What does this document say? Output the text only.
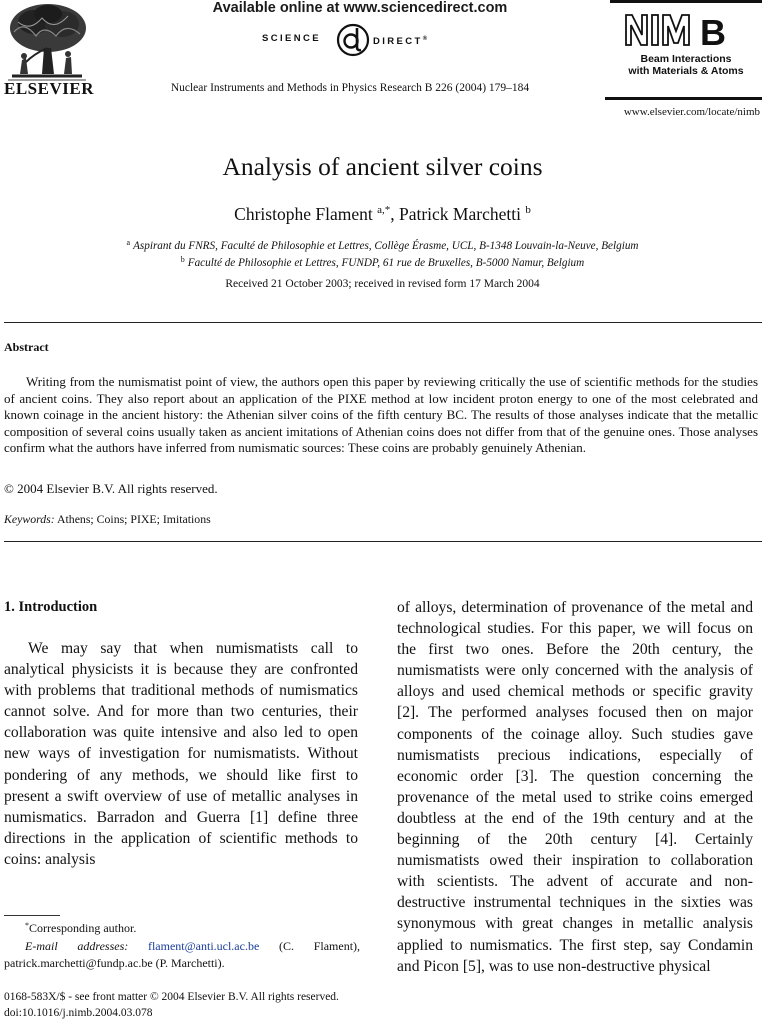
ELSEVIER
Available online at www.sciencedirect.com
SCIENCE	DIRECT®
Nuclear Instruments and Methods in Physics Research B 226 (2004) 179–184
B
Beam Interactions
with Materials & Atoms
www.elsevier.com/locate/nimb
Analysis of ancient silver coins
Christophe Flament $^{a,*}$, Patrick Marchetti $^b$
$^a$ Aspirant du FNRS, Faculté de Philosophie et Lettres, Collège Érasme, UCL, B-1348 Louvain-la-Neuve, Belgium
$^b$ Faculté de Philosophie et Lettres, FUNDP, 61 rue de Bruxelles, B-5000 Namur, Belgium
Received 21 October 2003; received in revised form 17 March 2004
Abstract
Writing from the numismatist point of view, the authors open this paper by reviewing critically the use of scientific methods for the studies of ancient coins. They also report about an application of the PIXE method at low incident proton energy to one of the most celebrated and known coinage in the ancient history: the Athenian silver coins of the fifth century BC. The results of those analyses indicate that the metallic composition of several coins usually taken as ancient imitations of Athenian coins does not differ from that of the genuine ones. Those analyses confirm what the authors have inferred from numismatic sources: These coins are probably genuinely Athenian.
© 2004 Elsevier B.V. All rights reserved.
Keywords: Athens; Coins; PIXE; Imitations
1. Introduction
We may say that when numismatists call to analytical physicists it is because they are confronted with problems that traditional methods of numismatics cannot solve. And for more than two centuries, their collaboration was quite intensive and also led to open new ways of investigation for numismatists. Without pondering of any methods, we should like first to present a swift overview of use of metallic analyses in numismatics. Barradon and Guerra [1] define three directions in the application of scientific methods to coins: analysis
of alloys, determination of provenance of the metal and technological studies. For this paper, we will focus on the first two ones. Before the 20th century, the numismatists were only concerned with the analysis of alloys and used chemical methods or specific gravity [2]. The performed analyses focused then on major components of the coinage alloy. Such studies gave numismatists precious indications, especially of economic order [3]. The question concerning the provenance of the metal used to strike coins emerged doubtless at the end of the 19th century and at the beginning of the 20th century [4]. Certainly numismatists owed their inspiration to collaboration with scientists. The advent of accurate and non-destructive instrumental techniques in the sixties was synonymous with great changes in metallic analysis applied to numismatics. The first step, say Condamin and Picon [5], was to use non-destructive physical
*Corresponding author.
E-mail addresses: flament@anti.ucl.ac.be (C. Flament), patrick.marchetti@fundp.ac.be (P. Marchetti).
0168-583X/$ - see front matter © 2004 Elsevier B.V. All rights reserved.
doi:10.1016/j.nimb.2004.03.078
